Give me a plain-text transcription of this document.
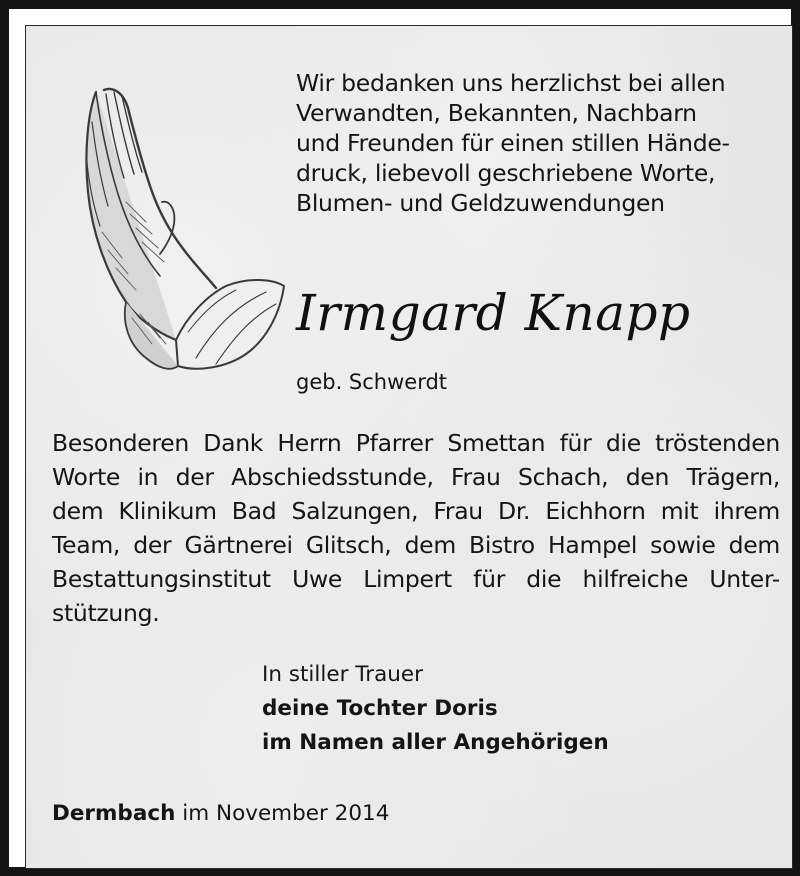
Wir bedanken uns herzlichst bei allen
Verwandten, Bekannten, Nachbarn
und Freunden für einen stillen Hände-
druck, liebevoll geschriebene Worte,
Blumen- und Geldzuwendungen
Irmgard Knapp
geb. Schwerdt
Besonderen Dank Herrn Pfarrer Smettan für die tröstenden
Worte in der Abschiedsstunde, Frau Schach, den Trägern,
dem Klinikum Bad Salzungen, Frau Dr. Eichhorn mit ihrem
Team, der Gärtnerei Glitsch, dem Bistro Hampel sowie dem
Bestattungsinstitut Uwe Limpert für die hilfreiche Unter-
stützung.
In stiller Trauer
deine Tochter Doris
im Namen aller Angehörigen
Dermbach im November 2014
